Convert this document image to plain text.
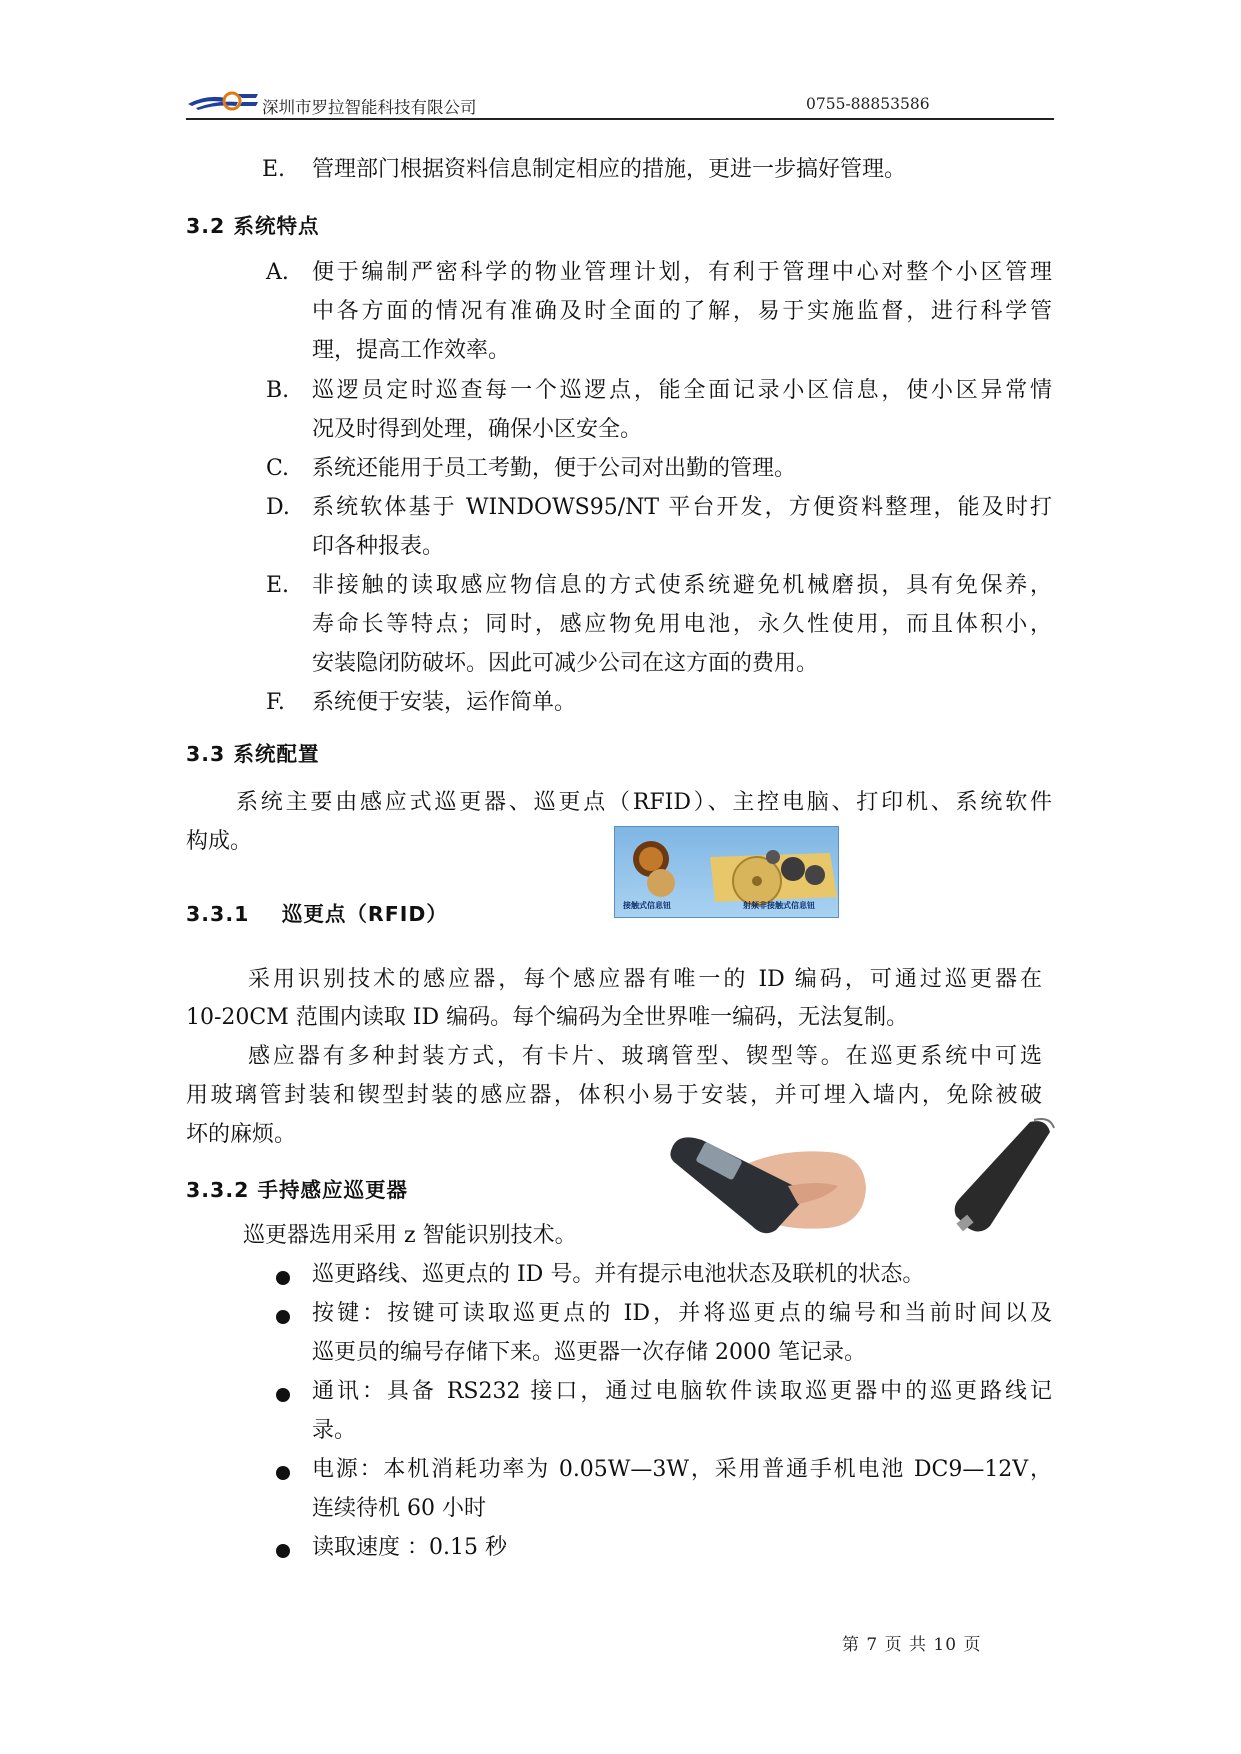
深圳市罗拉智能科技有限公司	0755-88853586
E. 管理部门根据资料信息制定相应的措施，更进一步搞好管理。
3.2 系统特点
A. 便于编制严密科学的物业管理计划，有利于管理中心对整个小区管理
中各方面的情况有准确及时全面的了解，易于实施监督，进行科学管
理，提高工作效率。
B. 巡逻员定时巡查每一个巡逻点，能全面记录小区信息，使小区异常情
况及时得到处理，确保小区安全。
C. 系统还能用于员工考勤，便于公司对出勤的管理。
D. 系统软体基于 WINDOWS95/NT 平台开发，方便资料整理，能及时打
印各种报表。
E. 非接触的读取感应物信息的方式使系统避免机械磨损，具有免保养，
寿命长等特点；同时，感应物免用电池，永久性使用，而且体积小，
安装隐闭防破坏。因此可减少公司在这方面的费用。
F. 系统便于安装，运作简单。
3.3 系统配置
系统主要由感应式巡更器、巡更点（RFID）、主控电脑、打印机、系统软件
构成。
接触式信息钮	射频非接触式信息钮
3.3.1    巡更点（RFID）
采用识别技术的感应器，每个感应器有唯一的 ID 编码，可通过巡更器在
10-20CM 范围内读取 ID 编码。每个编码为全世界唯一编码，无法复制。
感应器有多种封装方式，有卡片、玻璃管型、锲型等。在巡更系统中可选
用玻璃管封装和锲型封装的感应器，体积小易于安装，并可埋入墙内，免除被破
坏的麻烦。
3.3.2 手持感应巡更器
巡更器选用采用 z 智能识别技术。
巡更路线、巡更点的 ID 号。并有提示电池状态及联机的状态。
按键：按键可读取巡更点的 ID，并将巡更点的编号和当前时间以及
巡更员的编号存储下来。巡更器一次存储 2000 笔记录。
通讯：具备 RS232 接口，通过电脑软件读取巡更器中的巡更路线记
录。
电源：本机消耗功率为 0.05W—3W，采用普通手机电池 DC9—12V，
连续待机 60 小时
读取速度 ：0.15 秒
第 7 页 共 10 页
